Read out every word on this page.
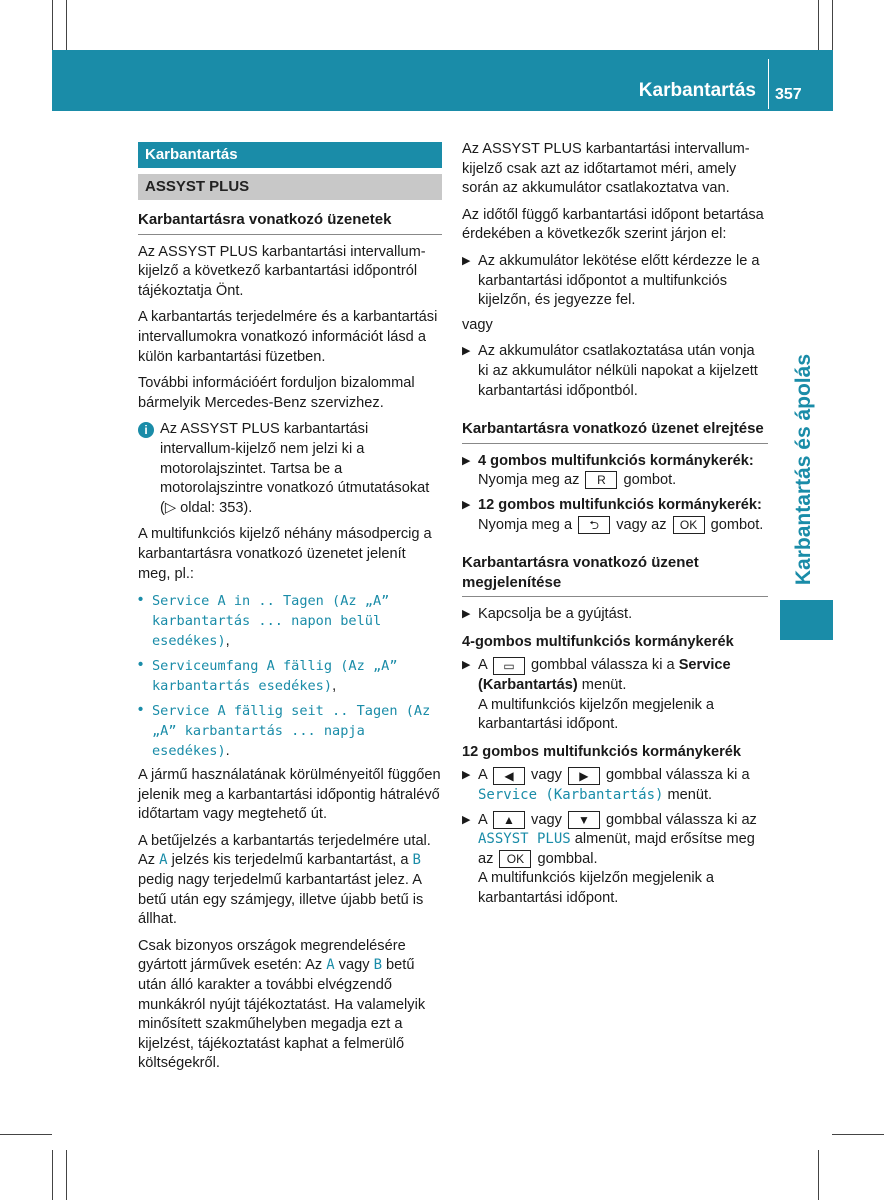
Karbantartás 357
Karbantartás és ápolás
Karbantartás
ASSYST PLUS
Karbantartásra vonatkozó üzenetek

Az ASSYST PLUS karbantartási intervallum-kijelző a következő karbantartási időpontról tájékoztatja Önt.

A karbantartás terjedelmére és a karbantartási intervallumokra vonatkozó információt lásd a külön karbantartási füzetben.

További információért forduljon bizalommal bármelyik Mercedes-Benz szervizhez.

i Az ASSYST PLUS karbantartási intervallum-kijelző nem jelzi ki a motorolajszintet. Tartsa be a motorolajszintre vonatkozó útmutatásokat (▷ oldal: 353).

A multifunkciós kijelző néhány másodpercig a karbantartásra vonatkozó üzenetet jelenít meg, pl.:

• Service A in .. Tagen (Az „A” karbantartás ... napon belül esedékes),
• Serviceumfang A fällig (Az „A” karbantartás esedékes),
• Service A fällig seit .. Tagen (Az „A” karbantartás ... napja esedékes).

A jármű használatának körülményeitől függően jelenik meg a karbantartási időpontig hátralévő időtartam vagy megtehető út.

A betűjelzés a karbantartás terjedelmére utal. Az A jelzés kis terjedelmű karbantartást, a B pedig nagy terjedelmű karbantartást jelez. A betű után egy számjegy, illetve újabb betű is állhat.

Csak bizonyos országok megrendelésére gyártott járművek esetén: Az A vagy B betű után álló karakter a további elvégzendő munkákról nyújt tájékoztatást. Ha valamelyik minősített szakműhelyben megadja ezt a kijelzést, tájékoztatást kaphat a felmerülő költségekről.

Az ASSYST PLUS karbantartási intervallum-kijelző csak azt az időtartamot méri, amely során az akkumulátor csatlakoztatva van.

Az időtől függő karbantartási időpont betartása érdekében a következők szerint járjon el:

▶ Az akkumulátor lekötése előtt kérdezze le a karbantartási időpontot a multifunkciós kijelzőn, és jegyezze fel.

vagy

▶ Az akkumulátor csatlakoztatása után vonja ki az akkumulátor nélküli napokat a kijelzett karbantartási időpontból.
Karbantartásra vonatkozó üzenet elrejtése
▶ 4 gombos multifunkciós kormánykerék: Nyomja meg az R gombot.
▶ 12 gombos multifunkciós kormánykerék: Nyomja meg a ⮌ vagy az OK gombot.
Karbantartásra vonatkozó üzenet megjelenítése
▶ Kapcsolja be a gyújtást.
4-gombos multifunkciós kormánykerék
▶ A ▭ gombbal válassza ki a Service (Karbantartás) menüt.
A multifunkciós kijelzőn megjelenik a karbantartási időpont.
12 gombos multifunkciós kormánykerék
▶ A ◀ vagy ▶ gombbal válassza ki a Service (Karbantartás) menüt.
▶ A ▲ vagy ▼ gombbal válassza ki az ASSYST PLUS almenüt, majd erősítse meg az OK gombbal.
A multifunkciós kijelzőn megjelenik a karbantartási időpont.
